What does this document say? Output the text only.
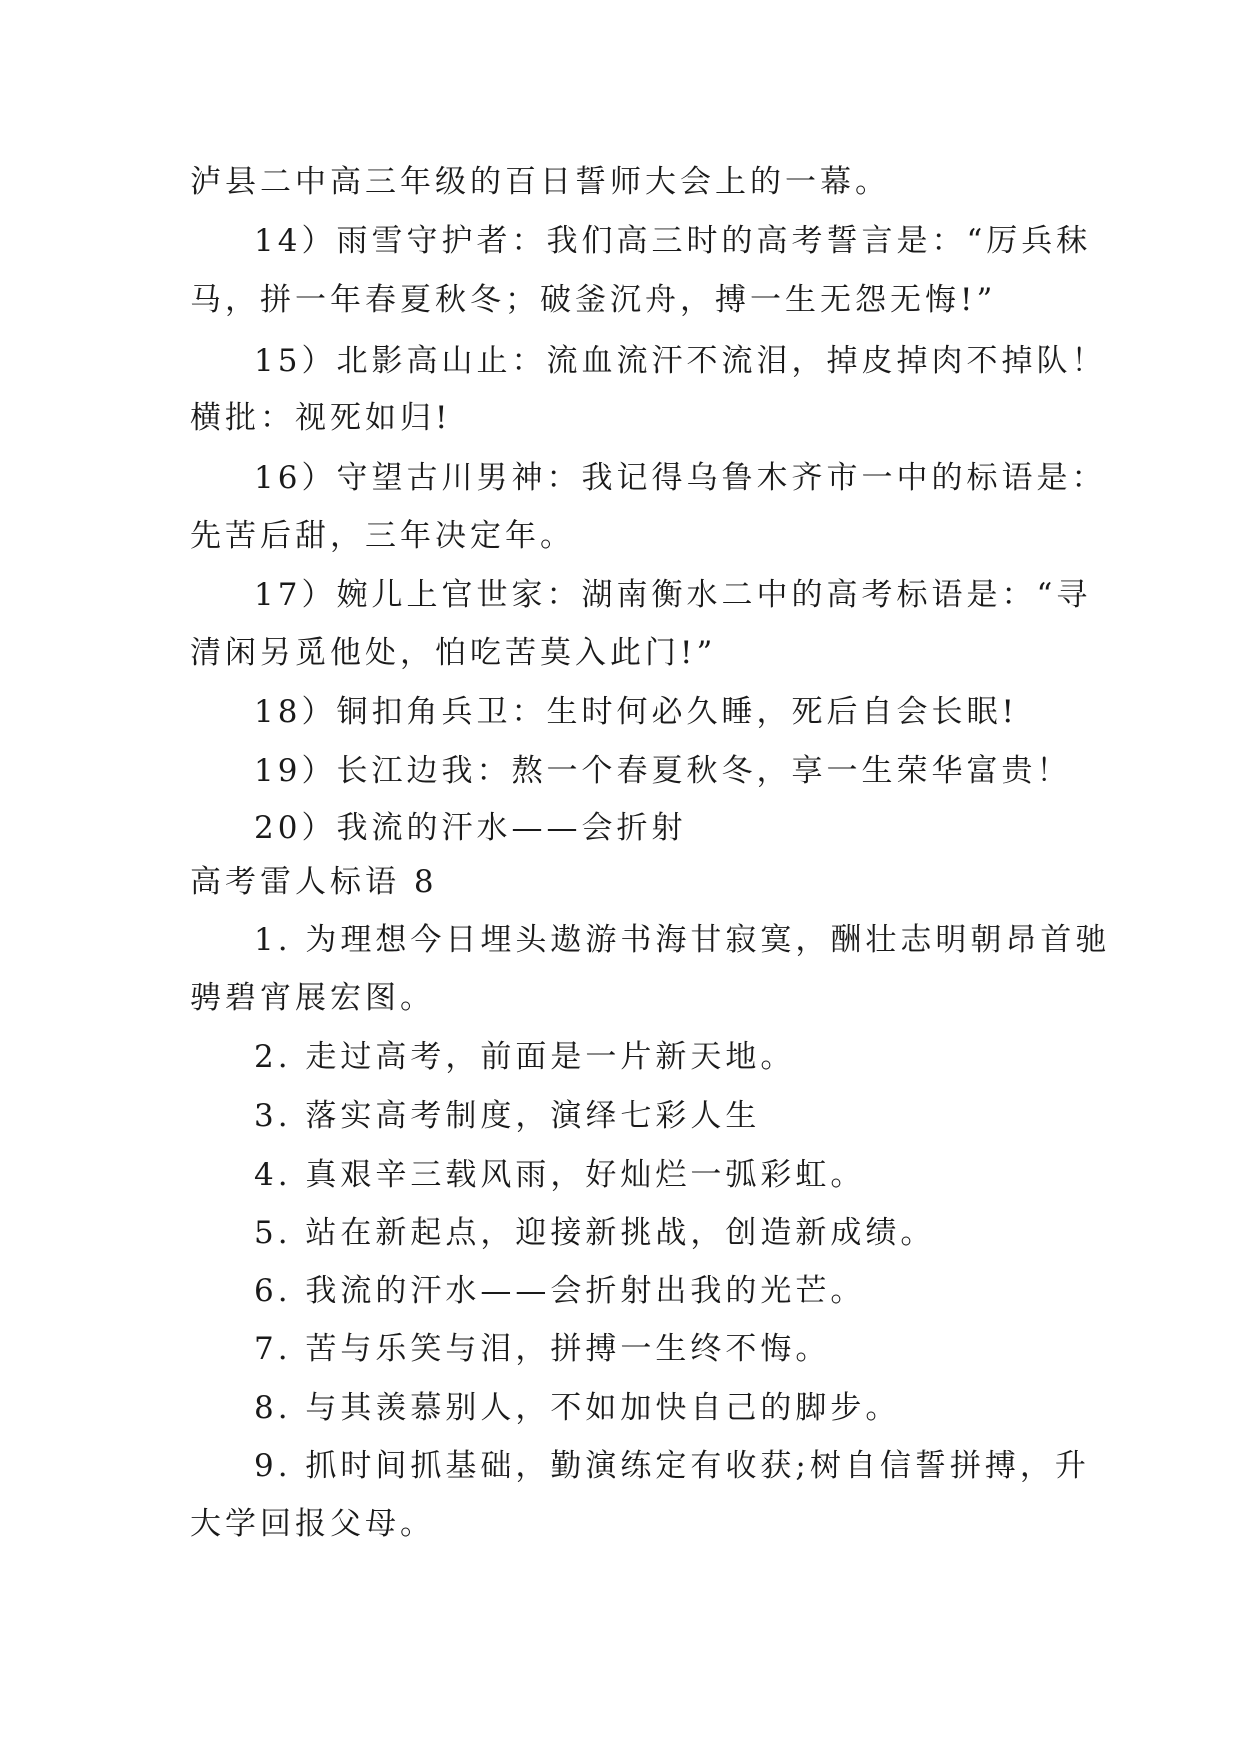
泸县二中高三年级的百日誓师大会上的一幕。
14）雨雪守护者：我们高三时的高考誓言是：“厉兵秣
马，拼一年春夏秋冬；破釜沉舟，搏一生无怨无悔!”
15）北影高山止：流血流汗不流泪，掉皮掉肉不掉队！
横批：视死如归!
16）守望古川男神：我记得乌鲁木齐市一中的标语是：
先苦后甜，三年决定年。
17）婉儿上官世家：湖南衡水二中的高考标语是：“寻
清闲另觅他处，怕吃苦莫入此门!”
18）铜扣角兵卫：生时何必久睡，死后自会长眠!
19）长江边我：熬一个春夏秋冬，享一生荣华富贵！
20）我流的汗水——会折射
高考雷人标语 8
1. 为理想今日埋头遨游书海甘寂寞，酬壮志明朝昂首驰
骋碧宵展宏图。
2. 走过高考，前面是一片新天地。
3. 落实高考制度，演绎七彩人生
4. 真艰辛三载风雨，好灿烂一弧彩虹。
5. 站在新起点，迎接新挑战，创造新成绩。
6. 我流的汗水——会折射出我的光芒。
7. 苦与乐笑与泪，拼搏一生终不悔。
8. 与其羡慕别人，不如加快自己的脚步。
9. 抓时间抓基础，勤演练定有收获;树自信誓拼搏，升
大学回报父母。
